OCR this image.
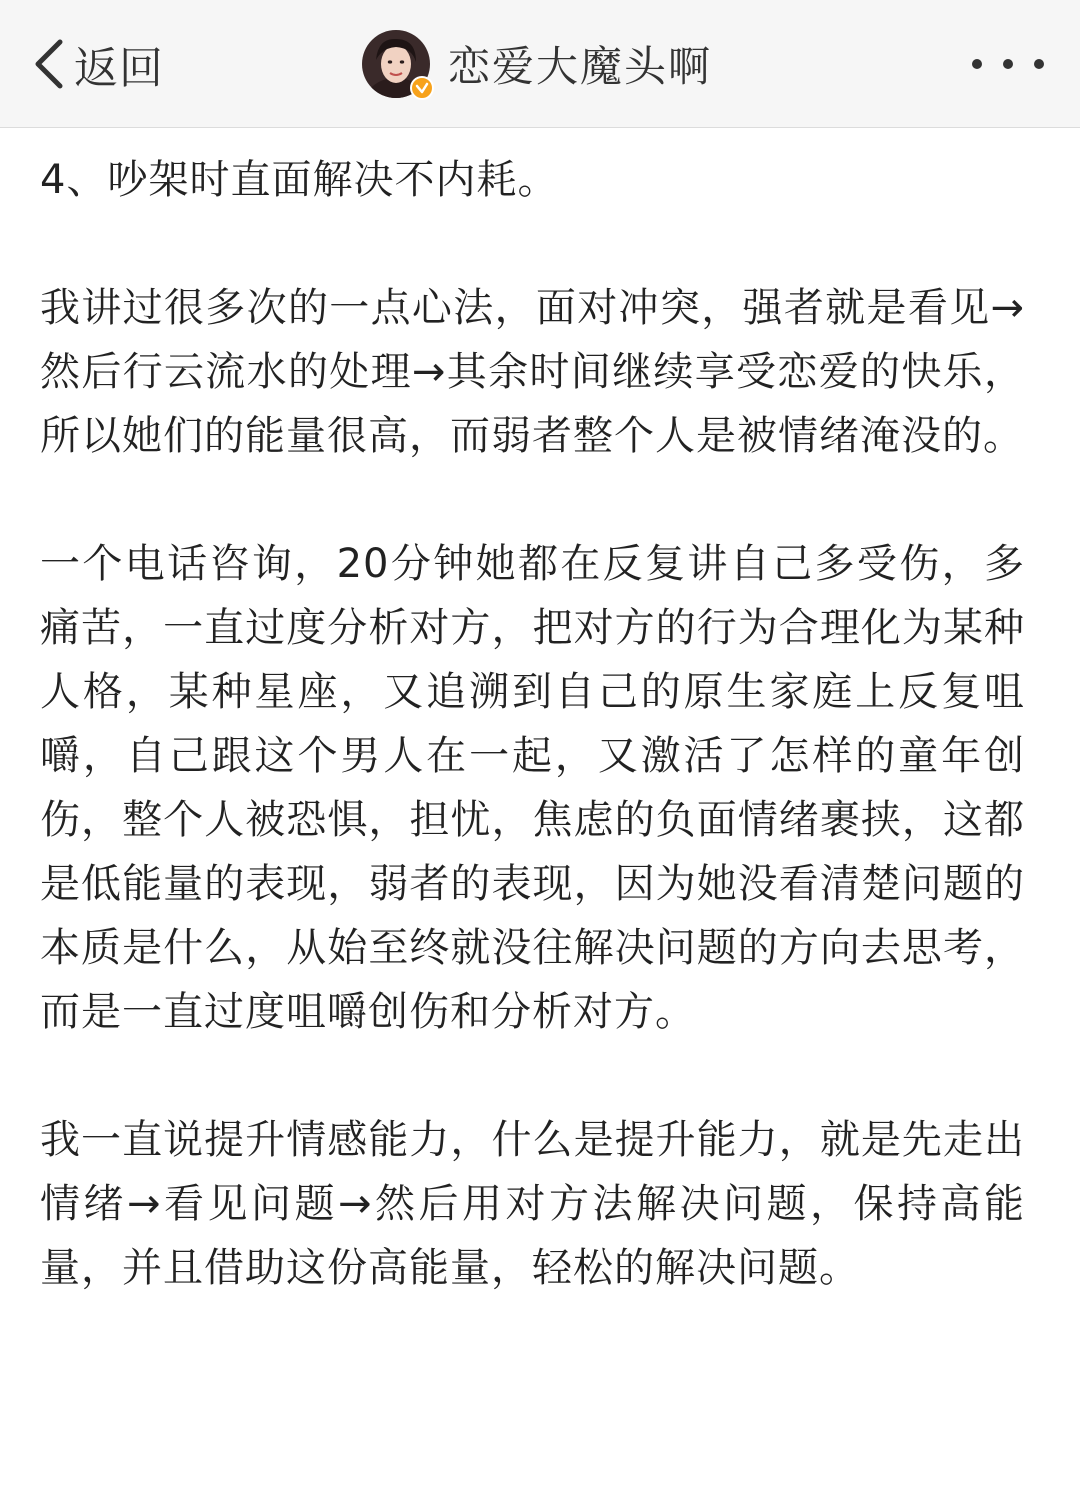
返回	恋爱大魔头啊

4、吵架时直面解决不内耗。

我讲过很多次的一点心法，面对冲突，强者就是看见→然后行云流水的处理→其余时间继续享受恋爱的快乐，所以她们的能量很高，而弱者整个人是被情绪淹没的。

一个电话咨询，20分钟她都在反复讲自己多受伤，多痛苦，一直过度分析对方，把对方的行为合理化为某种人格，某种星座，又追溯到自己的原生家庭上反复咀嚼，自己跟这个男人在一起，又激活了怎样的童年创伤，整个人被恐惧，担忧，焦虑的负面情绪裹挟，这都是低能量的表现，弱者的表现，因为她没看清楚问题的本质是什么，从始至终就没往解决问题的方向去思考，而是一直过度咀嚼创伤和分析对方。

我一直说提升情感能力，什么是提升能力，就是先走出情绪→看见问题→然后用对方法解决问题，保持高能量，并且借助这份高能量，轻松的解决问题。
